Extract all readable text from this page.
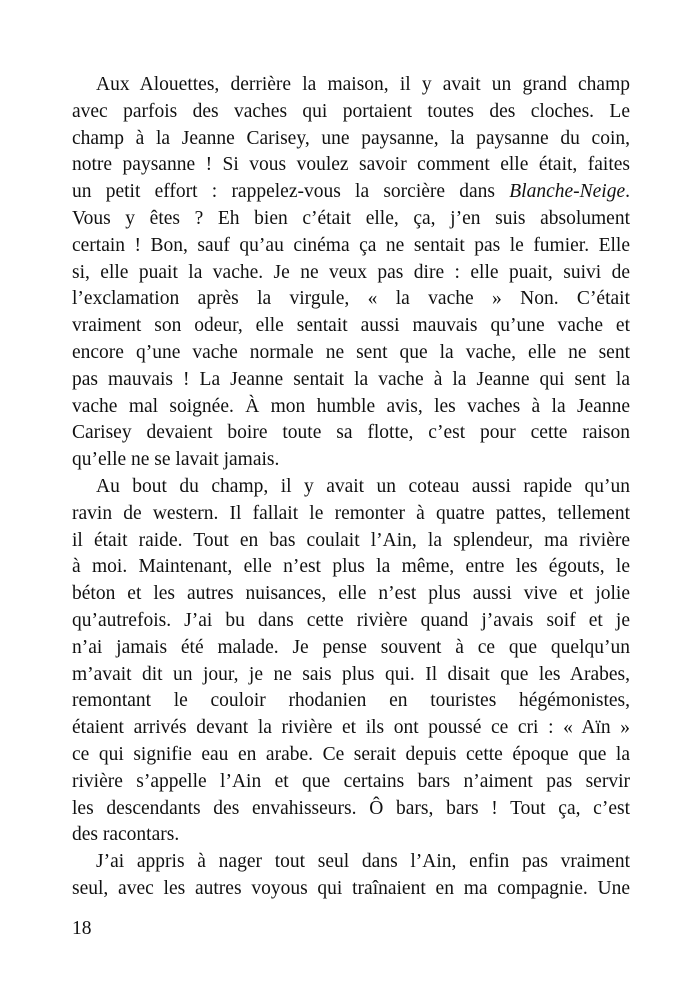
Aux Alouettes, derrière la maison, il y avait un grand champ
avec parfois des vaches qui portaient toutes des cloches. Le
champ à la Jeanne Carisey, une paysanne, la paysanne du coin,
notre paysanne ! Si vous voulez savoir comment elle était, faites
un petit effort : rappelez-vous la sorcière dans Blanche-Neige.
Vous y êtes ? Eh bien c’était elle, ça, j’en suis absolument
certain ! Bon, sauf qu’au cinéma ça ne sentait pas le fumier. Elle
si, elle puait la vache. Je ne veux pas dire : elle puait, suivi de
l’exclamation après la virgule, « la vache » Non. C’était
vraiment son odeur, elle sentait aussi mauvais qu’une vache et
encore q’une vache normale ne sent que la vache, elle ne sent
pas mauvais ! La Jeanne sentait la vache à la Jeanne qui sent la
vache mal soignée. À mon humble avis, les vaches à la Jeanne
Carisey devaient boire toute sa flotte, c’est pour cette raison
qu’elle ne se lavait jamais.
Au bout du champ, il y avait un coteau aussi rapide qu’un
ravin de western. Il fallait le remonter à quatre pattes, tellement
il était raide. Tout en bas coulait l’Ain, la splendeur, ma rivière
à moi. Maintenant, elle n’est plus la même, entre les égouts, le
béton et les autres nuisances, elle n’est plus aussi vive et jolie
qu’autrefois. J’ai bu dans cette rivière quand j’avais soif et je
n’ai jamais été malade. Je pense souvent à ce que quelqu’un
m’avait dit un jour, je ne sais plus qui. Il disait que les Arabes,
remontant le couloir rhodanien en touristes hégémonistes,
étaient arrivés devant la rivière et ils ont poussé ce cri : « Aïn »
ce qui signifie eau en arabe. Ce serait depuis cette époque que la
rivière s’appelle l’Ain et que certains bars n’aiment pas servir
les descendants des envahisseurs. Ô bars, bars ! Tout ça, c’est
des racontars.
J’ai appris à nager tout seul dans l’Ain, enfin pas vraiment
seul, avec les autres voyous qui traînaient en ma compagnie. Une
18
